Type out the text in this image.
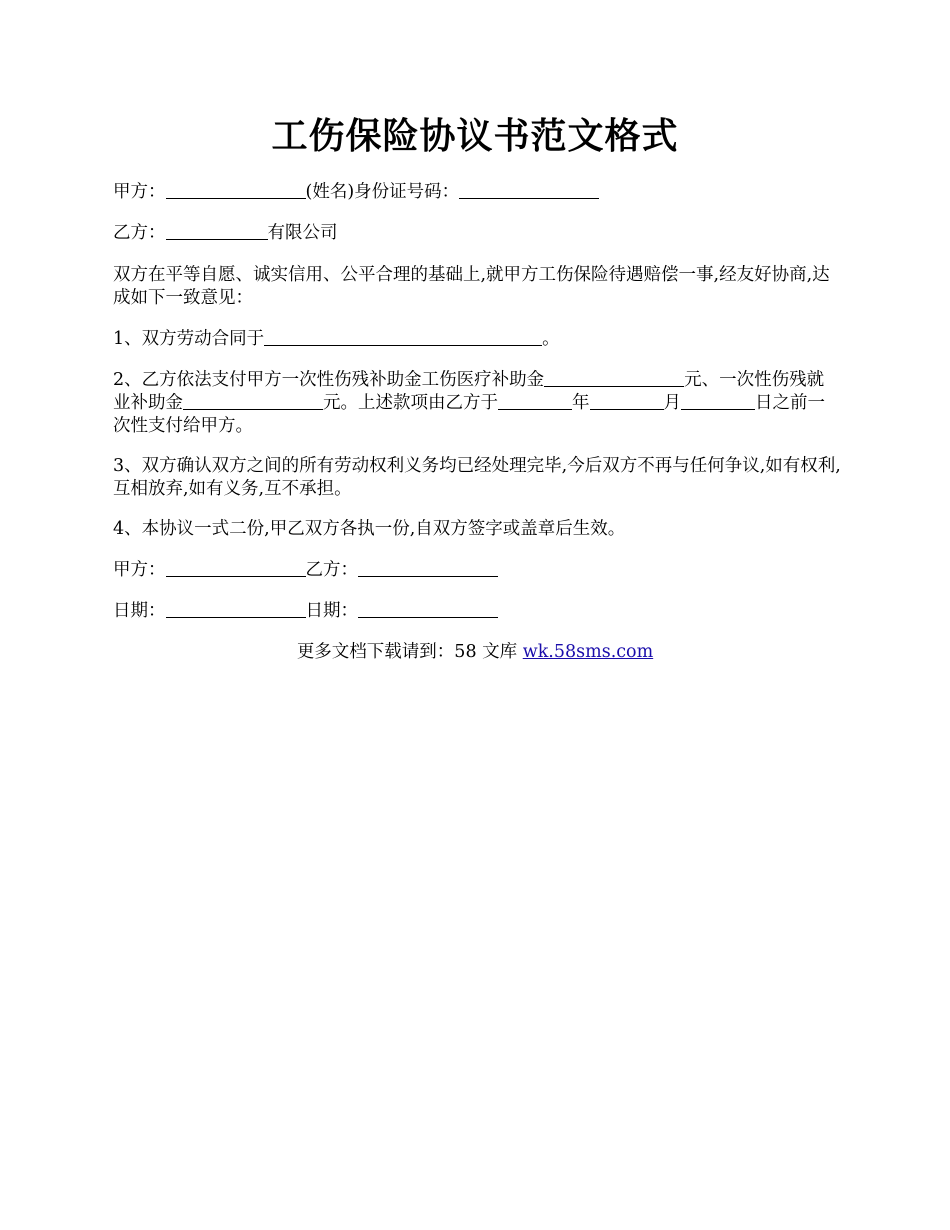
工伤保险协议书范文格式

甲方：	(姓名)身份证号码：

乙方：	有限公司

双方在平等自愿、诚实信用、公平合理的基础上,就甲方工伤保险待遇赔偿一事,经友好协商,达成如下一致意见：

1、双方劳动合同于	。

2、乙方依法支付甲方一次性伤残补助金工伤医疗补助金	元、一次性伤残就业补助金	元。上述款项由乙方于	年	月	日之前一次性支付给甲方。

3、双方确认双方之间的所有劳动权利义务均已经处理完毕,今后双方不再与任何争议,如有权利,互相放弃,如有义务,互不承担。

4、本协议一式二份,甲乙双方各执一份,自双方签字或盖章后生效。

甲方：	乙方：

日期：	日期：

更多文档下载请到：58 文库 wk.58sms.com
